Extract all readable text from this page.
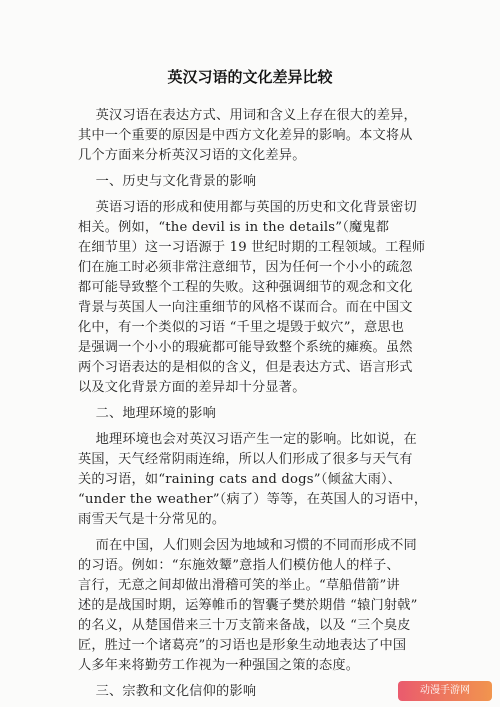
英汉习语的文化差异比较
英汉习语在表达方式、用词和含义上存在很大的差异，
其中一个重要的原因是中西方文化差异的影响。本文将从
几个方面来分析英汉习语的文化差异。
一、历史与文化背景的影响
英语习语的形成和使用都与英国的历史和文化背景密切
相关。例如，“the devil is in the details”（魔鬼都
在细节里）这一习语源于 19 世纪时期的工程领域。工程师
们在施工时必须非常注意细节，因为任何一个小小的疏忽
都可能导致整个工程的失败。这种强调细节的观念和文化
背景与英国人一向注重细节的风格不谋而合。而在中国文
化中，有一个类似的习语 “千里之堤毁于蚁穴”，意思也
是强调一个小小的瑕疵都可能导致整个系统的瘫痪。虽然
两个习语表达的是相似的含义，但是表达方式、语言形式
以及文化背景方面的差异却十分显著。
二、地理环境的影响
地理环境也会对英汉习语产生一定的影响。比如说，在
英国，天气经常阴雨连绵，所以人们形成了很多与天气有
关的习语，如“raining cats and dogs”（倾盆大雨）、
“under the weather”（病了）等等，在英国人的习语中，
雨雪天气是十分常见的。
而在中国，人们则会因为地域和习惯的不同而形成不同
的习语。例如：“东施效颦”意指人们模仿他人的样子、
言行，无意之间却做出滑稽可笑的举止。“草船借箭”讲
述的是战国时期，运筹帷币的智囊子樊於期借 “辕门射戟”
的名义，从楚国借来三十万支箭来备战，以及 “三个臭皮
匠，胜过一个诸葛亮”的习语也是形象生动地表达了中国
人多年来将勤劳工作视为一种强国之策的态度。
三、宗教和文化信仰的影响	动漫手游网
